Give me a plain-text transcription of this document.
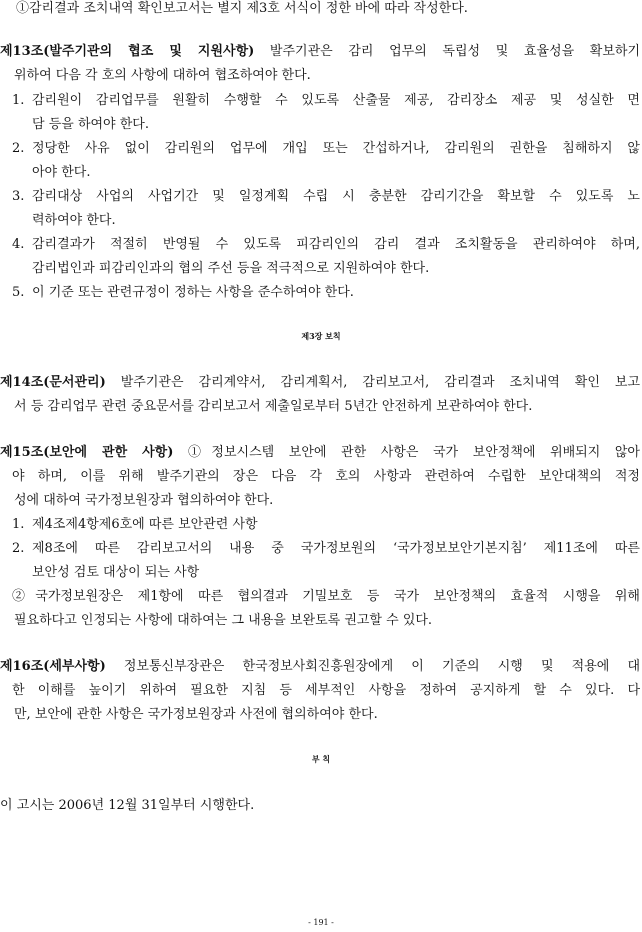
①감리결과 조치내역 확인보고서는 별지 제3호 서식이 정한 바에 따라 작성한다.
제13조(발주기관의 협조 및 지원사항) 발주기관은 감리 업무의 독립성 및 효율성을 확보하기
위하여 다음 각 호의 사항에 대하여 협조하여야 한다.
1. 감리원이 감리업무를 원활히 수행할 수 있도록 산출물 제공, 감리장소 제공 및 성실한 면
담 등을 하여야 한다.
2. 정당한 사유 없이 감리원의 업무에 개입 또는 간섭하거나, 감리원의 권한을 침해하지 않
아야 한다.
3. 감리대상 사업의 사업기간 및 일정계획 수립 시 충분한 감리기간을 확보할 수 있도록 노
력하여야 한다.
4. 감리결과가 적절히 반영될 수 있도록 피감리인의 감리 결과 조치활동을 관리하여야 하며,
감리법인과 피감리인과의 협의 주선 등을 적극적으로 지원하여야 한다.
5. 이 기준 또는 관련규정이 정하는 사항을 준수하여야 한다.
제3장 보칙
제14조(문서관리) 발주기관은 감리계약서, 감리계획서, 감리보고서, 감리결과 조치내역 확인 보고
서 등 감리업무 관련 중요문서를 감리보고서 제출일로부터 5년간 안전하게 보관하여야 한다.
제15조(보안에 관한 사항) ①정보시스템 보안에 관한 사항은 국가 보안정책에 위배되지 않아
야 하며, 이를 위해 발주기관의 장은 다음 각 호의 사항과 관련하여 수립한 보안대책의 적정
성에 대하여 국가정보원장과 협의하여야 한다.
1. 제4조제4항제6호에 따른 보안관련 사항
2. 제8조에 따른 감리보고서의 내용 중 국가정보원의 ‘국가정보보안기본지침’ 제11조에 따른
보안성 검토 대상이 되는 사항
②국가정보원장은 제1항에 따른 협의결과 기밀보호 등 국가 보안정책의 효율적 시행을 위해
필요하다고 인정되는 사항에 대하여는 그 내용을 보완토록 권고할 수 있다.
제16조(세부사항) 정보통신부장관은 한국정보사회진흥원장에게 이 기준의 시행 및 적용에 대
한 이해를 높이기 위하여 필요한 지침 등 세부적인 사항을 정하여 공지하게 할 수 있다. 다
만, 보안에 관한 사항은 국가정보원장과 사전에 협의하여야 한다.
부 칙
이 고시는 2006년 12월 31일부터 시행한다.
- 191 -
